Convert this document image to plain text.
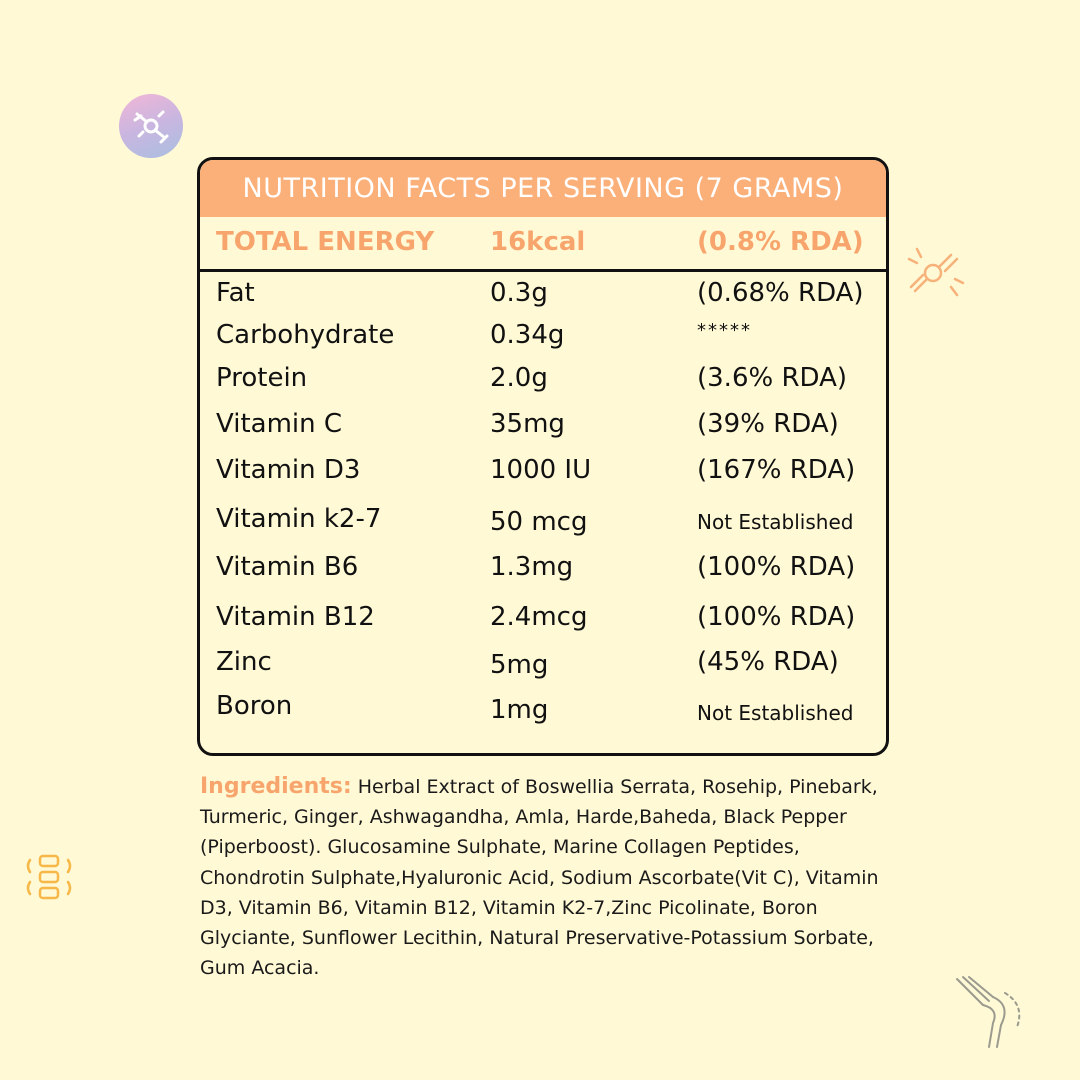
NUTRITION FACTS PER SERVING (7 GRAMS)
TOTAL ENERGY 16kcal	(0.8% RDA)
Fat	0.3g	(0.68% RDA)
Carbohydrate	0.34g	*****
Protein	2.0g	(3.6% RDA)
Vitamin C	35mg	(39% RDA)
Vitamin D3	1000 IU	(167% RDA)
Vitamin k2-7	50 mcg	Not Established
Vitamin B6	1.3mg	(100% RDA)
Vitamin B12	2.4mcg	(100% RDA)
Zinc	5mg	(45% RDA)
Boron	1mg	Not Established
Ingredients: Herbal Extract of Boswellia Serrata, Rosehip, Pinebark, Turmeric, Ginger, Ashwagandha, Amla, Harde,Baheda, Black Pepper (Piperboost). Glucosamine Sulphate, Marine Collagen Peptides, Chondrotin Sulphate,Hyaluronic Acid, Sodium Ascorbate(Vit C), Vitamin D3, Vitamin B6, Vitamin B12, Vitamin K2-7,Zinc Picolinate, Boron Glyciante, Sunflower Lecithin, Natural Preservative-Potassium Sorbate, Gum Acacia.
